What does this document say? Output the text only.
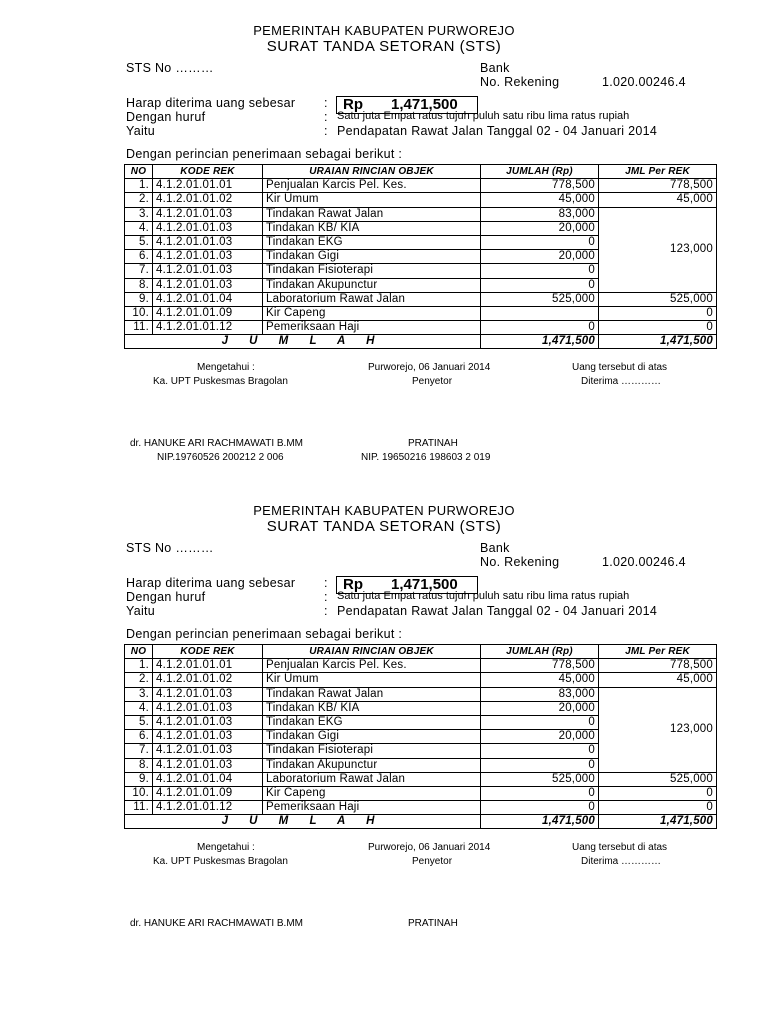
PEMERINTAH KABUPATEN PURWOREJO
SURAT TANDA SETORAN (STS)
STS No ………	Bank
No. Rekening	1.020.00246.4
Harap diterima uang sebesar : Rp 1,471,500
Dengan huruf	: Satu juta Empat ratus tujuh puluh satu ribu lima ratus rupiah
Yaitu	: Pendapatan Rawat Jalan Tanggal 02 - 04 Januari 2014
Dengan perincian penerimaan sebagai berikut :
NO	KODE REK	URAIAN RINCIAN OBJEK	JUMLAH (Rp)	JML Per REK
1.	4.1.2.01.01.01	Penjualan Karcis Pel. Kes.	778,500	778,500
2.	4.1.2.01.01.02	Kir Umum	45,000	45,000
3.	4.1.2.01.01.03	Tindakan Rawat Jalan	83,000	123,000
4.	4.1.2.01.01.03	Tindakan KB/ KIA	20,000	
5.	4.1.2.01.01.03	Tindakan EKG	0	
6.	4.1.2.01.01.03	Tindakan Gigi	20,000	
7.	4.1.2.01.01.03	Tindakan Fisioterapi	0	
8.	4.1.2.01.01.03	Tindakan Akupunctur	0	
9.	4.1.2.01.01.04	Laboratorium Rawat Jalan	525,000	525,000
10.	4.1.2.01.01.09	Kir Capeng		0
11.	4.1.2.01.01.12	Pemeriksaan Haji	0	0
J U M L A H			1,471,500	1,471,500
Mengetahui :
Ka. UPT Puskesmas Bragolan
Purworejo, 06 Januari 2014
Penyetor
Uang tersebut di atas
Diterima …………
dr. HANUKE ARI RACHMAWATI B.MM
NIP.19760526 200212 2 006
PRATINAH
NIP. 19650216 198603 2 019
PEMERINTAH KABUPATEN PURWOREJO
SURAT TANDA SETORAN (STS)
STS No ………	Bank
No. Rekening	1.020.00246.4
Harap diterima uang sebesar : Rp 1,471,500
Dengan huruf	: Satu juta Empat ratus tujuh puluh satu ribu lima ratus rupiah
Yaitu	: Pendapatan Rawat Jalan Tanggal 02 - 04 Januari 2014
Dengan perincian penerimaan sebagai berikut :
NO	KODE REK	URAIAN RINCIAN OBJEK	JUMLAH (Rp)	JML Per REK
1.	4.1.2.01.01.01	Penjualan Karcis Pel. Kes.	778,500	778,500
2.	4.1.2.01.01.02	Kir Umum	45,000	45,000
3.	4.1.2.01.01.03	Tindakan Rawat Jalan	83,000	123,000
4.	4.1.2.01.01.03	Tindakan KB/ KIA	20,000	
5.	4.1.2.01.01.03	Tindakan EKG	0	
6.	4.1.2.01.01.03	Tindakan Gigi	20,000	
7.	4.1.2.01.01.03	Tindakan Fisioterapi	0	
8.	4.1.2.01.01.03	Tindakan Akupunctur	0	
9.	4.1.2.01.01.04	Laboratorium Rawat Jalan	525,000	525,000
10.	4.1.2.01.01.09	Kir Capeng	0	0
11.	4.1.2.01.01.12	Pemeriksaan Haji	0	0
J U M L A H			1,471,500	1,471,500
Mengetahui :
Ka. UPT Puskesmas Bragolan
Purworejo, 06 Januari 2014
Penyetor
Uang tersebut di atas
Diterima …………
dr. HANUKE ARI RACHMAWATI B.MM	PRATINAH
